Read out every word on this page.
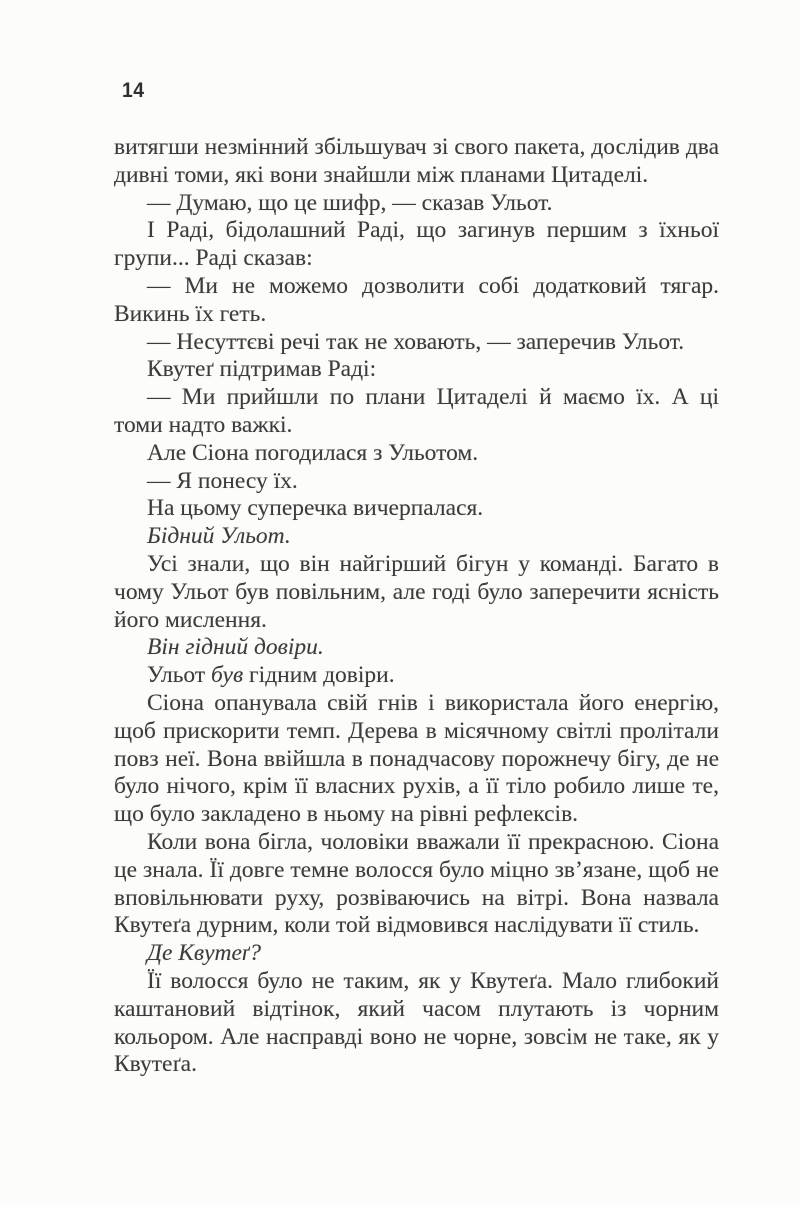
14

витягши незмінний збільшувач зі свого пакета, дослідив два дивні томи, які вони знайшли між планами Цитаделі.

— Думаю, що це шифр, — сказав Ульот.

І Раді, бідолашний Раді, що загинув першим з їхньої групи... Раді сказав:

— Ми не можемо дозволити собі додатковий тягар. Викинь їх геть.

— Несуттєві речі так не ховають, — заперечив Ульот.

Квутеґ підтримав Раді:

— Ми прийшли по плани Цитаделі й маємо їх. А ці томи надто важкі.

Але Сіона погодилася з Ульотом.

— Я понесу їх.

На цьому суперечка вичерпалася.

Бідний Ульот.

Усі знали, що він найгірший бігун у команді. Багато в чому Ульот був повільним, але годі було заперечити ясність його мислення.

Він гідний довіри.

Ульот був гідним довіри.

Сіона опанувала свій гнів і використала його енергію, щоб прискорити темп. Дерева в місячному світлі пролітали повз неї. Вона ввійшла в понадчасову порожнечу бігу, де не було нічого, крім її власних рухів, а її тіло робило лише те, що було закладено в ньому на рівні рефлексів.

Коли вона бігла, чоловіки вважали її прекрасною. Сіона це знала. Її довге темне волосся було міцно зв’язане, щоб не вповільнювати руху, розвіваючись на вітрі. Вона назвала Квутеґа дурним, коли той відмовився наслідувати її стиль.

Де Квутеґ?

Її волосся було не таким, як у Квутеґа. Мало глибокий каштановий відтінок, який часом плутають із чорним кольором. Але насправді воно не чорне, зовсім не таке, як у Квутеґа.
